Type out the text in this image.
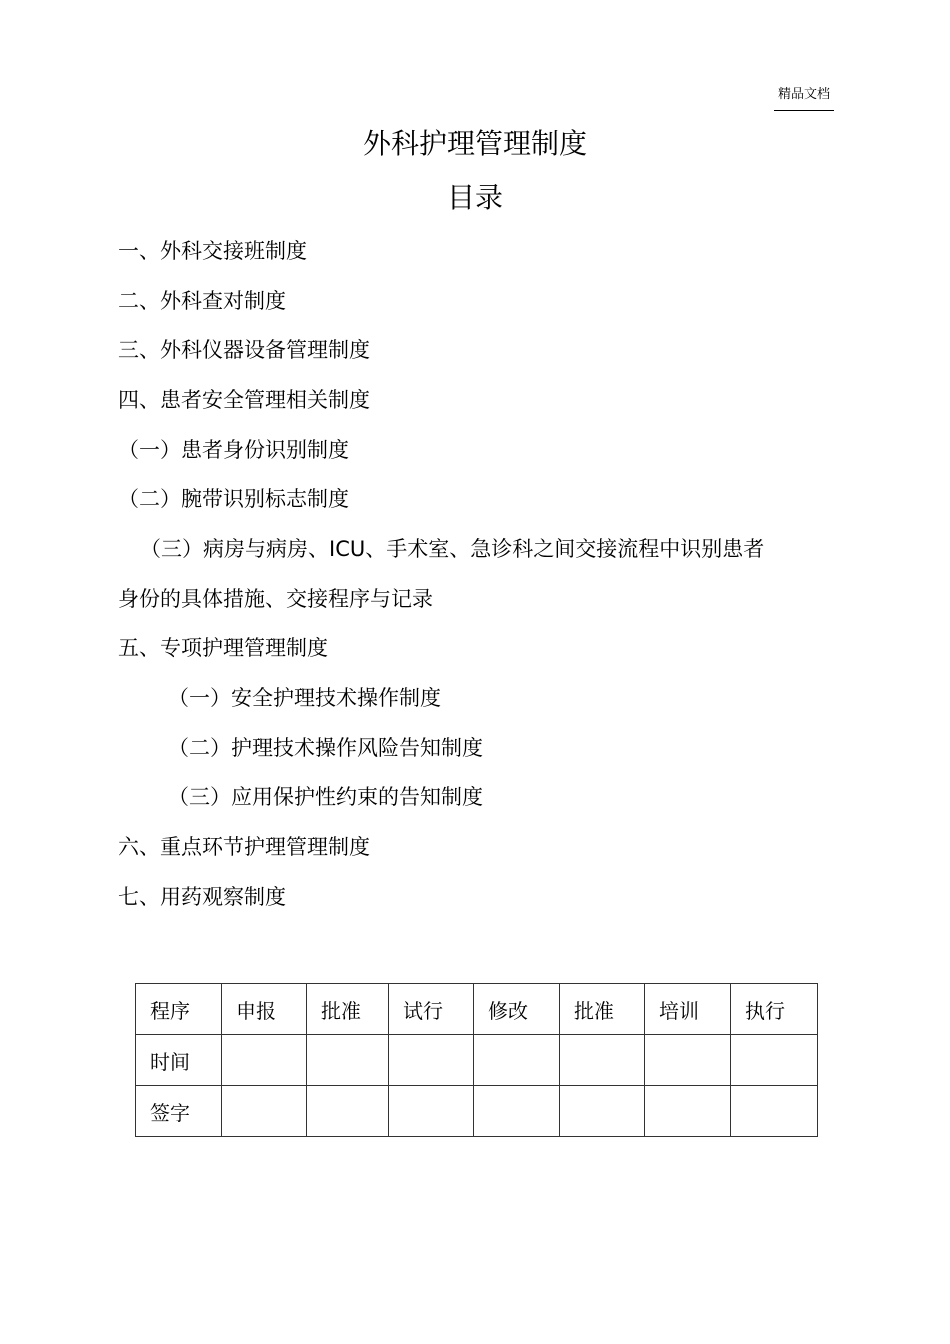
精品文档
外科护理管理制度
目录
一、外科交接班制度
二、外科查对制度
三、外科仪器设备管理制度
四、患者安全管理相关制度
（一）患者身份识别制度
（二）腕带识别标志制度
（三）病房与病房、ICU、手术室、急诊科之间交接流程中识别患者
身份的具体措施、交接程序与记录
五、专项护理管理制度
（一）安全护理技术操作制度
（二）护理技术操作风险告知制度
（三）应用保护性约束的告知制度
六、重点环节护理管理制度
七、用药观察制度
程序	申报	批准	试行	修改	批准	培训	执行
时间							
签字							
